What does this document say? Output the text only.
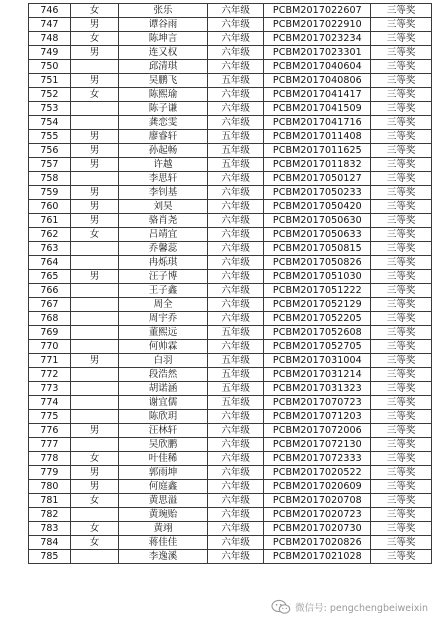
746	女	张乐	六年级	PCBM2017022607	三等奖
747	男	谭谷雨	六年级	PCBM2017022910	三等奖
748	女	陈坤言	六年级	PCBM2017023234	三等奖
749	男	连又权	六年级	PCBM2017023301	三等奖
750		邱清琪	六年级	PCBM2017040604	三等奖
751	男	吴鹏飞	五年级	PCBM2017040806	三等奖
752	女	陈熙瑜	六年级	PCBM2017041417	三等奖
753		陈子谦	六年级	PCBM2017041509	三等奖
754		龚恋雯	六年级	PCBM2017041716	三等奖
755	男	廖睿轩	五年级	PCBM2017011408	三等奖
756	男	孙起畅	五年级	PCBM2017011625	三等奖
757	男	许越	五年级	PCBM2017011832	三等奖
758		李思轩	六年级	PCBM2017050127	三等奖
759	男	李钊基	六年级	PCBM2017050233	三等奖
760	男	刘昊	六年级	PCBM2017050420	三等奖
761	男	骆肖尧	六年级	PCBM2017050630	三等奖
762	女	吕靖宜	六年级	PCBM2017050633	三等奖
763		乔馨蕊	六年级	PCBM2017050815	三等奖
764		冉烁琪	六年级	PCBM2017050826	三等奖
765	男	汪子博	六年级	PCBM2017051030	三等奖
766		王子鑫	六年级	PCBM2017051222	三等奖
767		周全	六年级	PCBM2017052129	三等奖
768		周宇乔	六年级	PCBM2017052205	三等奖
769		董熙远	五年级	PCBM2017052608	三等奖
770		何帅霖	六年级	PCBM2017052705	三等奖
771	男	白羽	五年级	PCBM2017031004	三等奖
772		段浩然	五年级	PCBM2017031214	三等奖
773		胡诺涵	五年级	PCBM2017031323	三等奖
774		谢宜儒	五年级	PCBM2017070723	三等奖
775		陈欣玥	六年级	PCBM2017071203	三等奖
776	男	汪林轩	六年级	PCBM2017072006	三等奖
777		吴欣鹏	六年级	PCBM2017072130	三等奖
778	女	叶佳稀	六年级	PCBM2017072333	三等奖
779	男	郭雨坤	六年级	PCBM2017020522	三等奖
780	男	何庭鑫	六年级	PCBM2017020609	三等奖
781	女	黄思溢	六年级	PCBM2017020708	三等奖
782		黄琬贻	六年级	PCBM2017020723	三等奖
783	女	黄翊	六年级	PCBM2017020730	三等奖
784	女	蒋佳佳	六年级	PCBM2017020826	三等奖
785		李逸溪	六年级	PCBM2017021028	三等奖
微信号: pengchengbeiweixin
